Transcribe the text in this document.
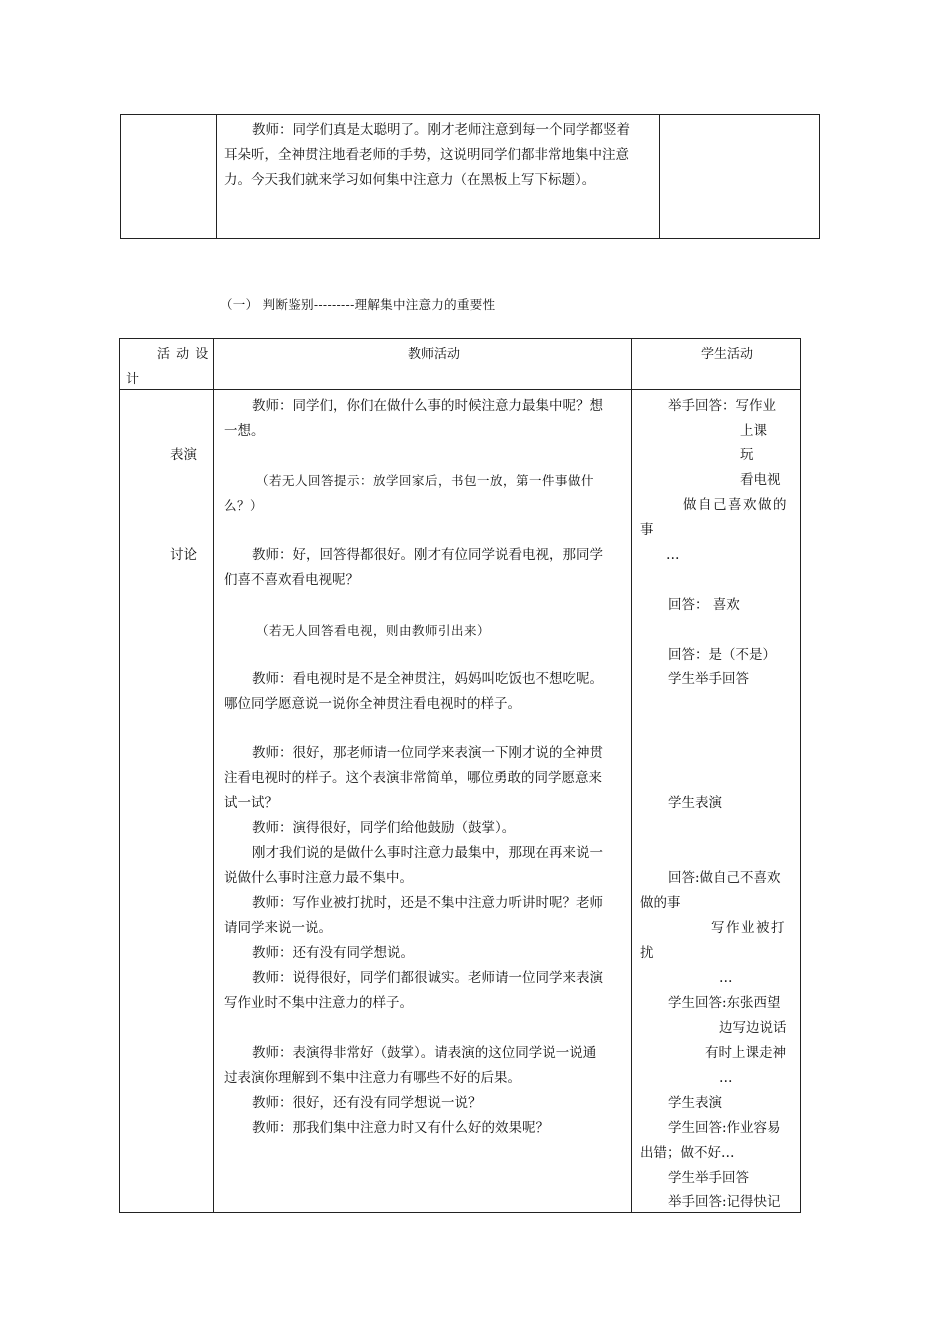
教师：同学们真是太聪明了。刚才老师注意到每一个同学都竖着
耳朵听，全神贯注地看老师的手势，这说明同学们都非常地集中注意
力。今天我们就来学习如何集中注意力（在黑板上写下标题）。
（一） 判断鉴别---------理解集中注意力的重要性
活 动 设
计
教师活动	学生活动
表演
讨论
教师：同学们，你们在做什么事的时候注意力最集中呢？想
一想。
（若无人回答提示：放学回家后，书包一放，第一件事做什
么？）
教师：好，回答得都很好。刚才有位同学说看电视，那同学
们喜不喜欢看电视呢？
（若无人回答看电视，则由教师引出来）
教师：看电视时是不是全神贯注，妈妈叫吃饭也不想吃呢。
哪位同学愿意说一说你全神贯注看电视时的样子。
教师：很好，那老师请一位同学来表演一下刚才说的全神贯
注看电视时的样子。这个表演非常简单，哪位勇敢的同学愿意来
试一试？
教师：演得很好，同学们给他鼓励（鼓掌）。
刚才我们说的是做什么事时注意力最集中，那现在再来说一
说做什么事时注意力最不集中。
教师：写作业被打扰时，还是不集中注意力听讲时呢？老师
请同学来说一说。
教师：还有没有同学想说。
教师：说得很好，同学们都很诚实。老师请一位同学来表演
写作业时不集中注意力的样子。
教师：表演得非常好（鼓掌）。请表演的这位同学说一说通
过表演你理解到不集中注意力有哪些不好的后果。
教师：很好，还有没有同学想说一说？
教师：那我们集中注意力时又有什么好的效果呢？
举手回答：写作业
上课
玩
看电视
做自己喜欢做的
事
…
回答： 喜欢
回答：是（不是）
学生举手回答
学生表演
回答:做自己不喜欢
做的事
写作业被打
扰
…
学生回答:东张西望
边写边说话
有时上课走神
…
学生表演
学生回答:作业容易
出错；做不好…
学生举手回答
举手回答:记得快记
